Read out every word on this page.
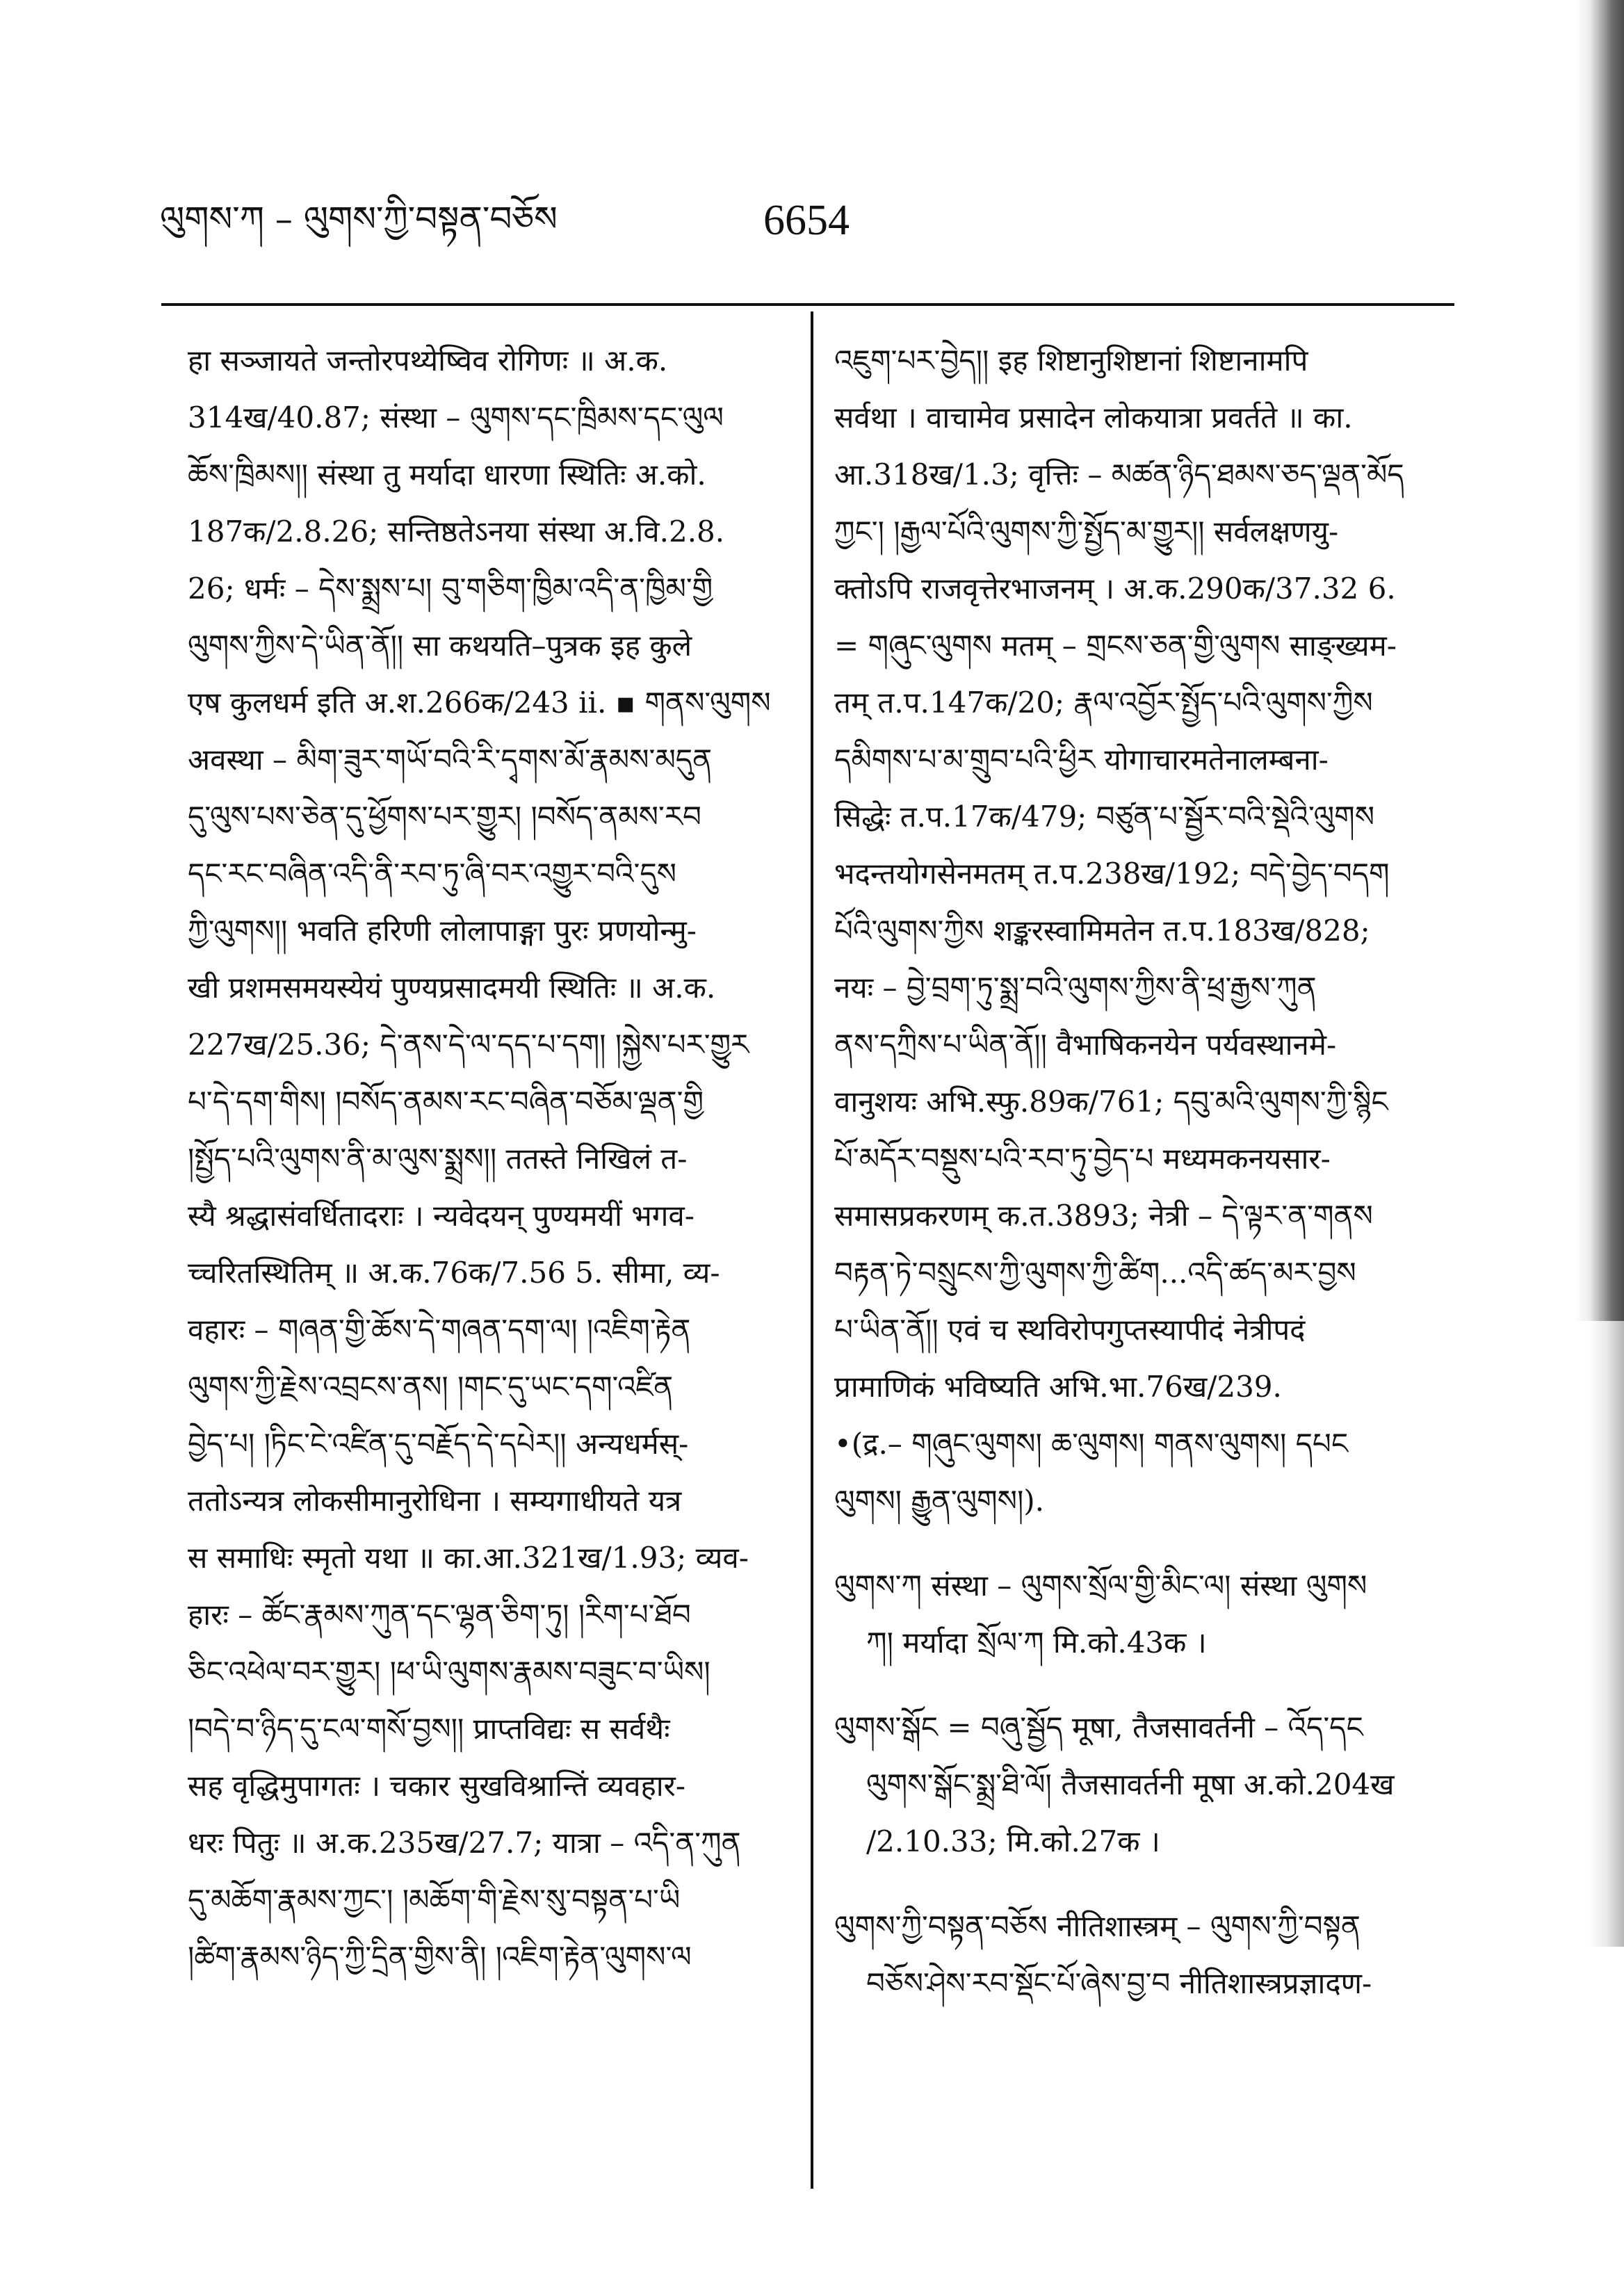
ལུགས་ཀ – ལུགས་ཀྱི་བསྟན་བཅོས	6654
हा सञ्जायते जन्तोरपथ्येष्विव रोगिणः ॥ अ.क.
314ख/40.87; संस्था – ལུགས་དང་ཁྲིམས་དང་ལུལ
ཆོས་ཁྲིམས།། संस्था तु मर्यादा धारणा स्थितिः अ.को.
187क/2.8.26; सन्तिष्ठतेऽनया संस्था अ.वि.2.8.
26; धर्मः – དེས་སྨྲས་པ། བུ་གཅིག་ཁྱིམ་འདི་ན་ཁྱིམ་གྱི
ལུགས་ཀྱིས་དེ་ཡིན་ནོ།། सा कथयति–पुत्रक इह कुले
एष कुलधर्म इति अ.श.266क/243 ii. ▪ གནས་ལུགས
अवस्था – མིག་ཟུར་གཡོ་བའི་རི་དྭགས་མོ་རྣམས་མདུན
དུ་ལུས་པས་ཅེན་དུ་ཕྱོགས་པར་གྱུར། །བསོད་ནམས་རབ
དང་རང་བཞིན་འདི་ནི་རབ་ཏུ་ཞི་བར་འགྱུར་བའི་དུས
ཀྱི་ལུགས།། भवति हरिणी लोलापाङ्गा पुरः प्रणयोन्मु-
खी प्रशमसमयस्येयं पुण्यप्रसादमयी स्थितिः ॥ अ.क.
227ख/25.36; དེ་ནས་དེ་ལ་དད་པ་དག། །སྐྱེས་པར་གྱུར
པ་དེ་དག་གིས། །བསོད་ནམས་རང་བཞིན་བཅོམ་ལྡན་གྱི
།སྤྱོད་པའི་ལུགས་ནི་མ་ལུས་སྨྲས།། ततस्ते निखिलं त-
स्यै श्रद्धासंवर्धितादराः । न्यवेदयन् पुण्यमयीं भगव-
च्चरितस्थितिम् ॥ अ.क.76क/7.56 5. सीमा, व्य-
वहारः – གཞན་གྱི་ཆོས་དེ་གཞན་དག་ལ། །འཇིག་རྟེན
ལུགས་ཀྱི་རྗེས་འབྲངས་ནས། །གང་དུ་ཡང་དག་འཛིན
བྱེད་པ། །ཏིང་ངེ་འཛིན་དུ་བརྗོད་དེ་དཔེར།། अन्यधर्मस्-
ततोऽन्यत्र लोकसीमानुरोधिना । सम्यगाधीयते यत्र
स समाधिः स्मृतो यथा ॥ का.आ.321ख/1.93; व्यव-
हारः – ཚོང་རྣམས་ཀུན་དང་ལྷན་ཅིག་ཏུ། །རིག་པ་ཐོབ
ཅིང་འཕེལ་བར་གྱུར། །ཕ་ཡི་ལུགས་རྣམས་བཟུང་བ་ཡིས།
།བདེ་བ་ཉིད་དུ་ངལ་གསོ་བྱས།། प्राप्तविद्यः स सर्वथैः
सह वृद्धिमुपागतः । चकार सुखविश्रान्तिं व्यवहार-
धरः पितुः ॥ अ.क.235ख/27.7; यात्रा – འདི་ན་ཀུན
དུ་མཆོག་རྣམས་ཀྱང་། །མཆོག་གི་རྗེས་སུ་བསྟན་པ་ཡི
།ཚིག་རྣམས་ཉིད་ཀྱི་དྲིན་གྱིས་ནི། །འཇིག་རྟེན་ལུགས་ལ
འཇུག་པར་བྱེད།། इह शिष्टानुशिष्टानां शिष्टानामपि
सर्वथा । वाचामेव प्रसादेन लोकयात्रा प्रवर्तते ॥ का.
आ.318ख/1.3; वृत्तिः – མཚན་ཉིད་ཐམས་ཅད་ལྡན་མོད
ཀྱང་། །རྒྱལ་པོའི་ལུགས་ཀྱི་སྤྱོད་མ་གྱུར།། सर्वलक्षणयु-
क्तोऽपि राजवृत्तेरभाजनम् । अ.क.290क/37.32 6.
= གཞུང་ལུགས मतम् – གྲངས་ཅན་གྱི་ལུགས साङ्ख्यम-
तम् त.प.147क/20; རྣལ་འབྱོར་སྤྱོད་པའི་ལུགས་ཀྱིས
དམིགས་པ་མ་གྲུབ་པའི་ཕྱིར योगाचारमतेनालम्बना-
सिद्धेः त.प.17क/479; བཙུན་པ་སྦྱོར་བའི་སྡེའི་ལུགས
भदन्तयोगसेनमतम् त.प.238ख/192; བདེ་བྱེད་བདག
པོའི་ལུགས་ཀྱིས शङ्करस्वामिमतेन त.प.183ख/828;
नयः – བྱེ་བྲག་ཏུ་སྨྲ་བའི་ལུགས་ཀྱིས་ནི་ཕྲ་རྒྱས་ཀུན
ནས་དཀྲིས་པ་ཡིན་ནོ།། वैभाषिकनयेन पर्यवस्थानमे-
वानुशयः अभि.स्फु.89क/761; དབུ་མའི་ལུགས་ཀྱི་སྙིང
པོ་མདོར་བསྡུས་པའི་རབ་ཏུ་བྱེད་པ मध्यमकनयसार-
समासप्रकरणम् क.त.3893; नेत्री – དེ་ལྟར་ན་གནས
བརྟན་ཏེ་བསྲུངས་ཀྱི་ལུགས་ཀྱི་ཚིག...འདི་ཚད་མར་བྱས
པ་ཡིན་ནོ།། एवं च स्थविरोपगुप्तस्यापीदं नेत्रीपदं
प्रामाणिकं भविष्यति अभि.भा.76ख/239.
•(द्र.– གཞུང་ལུགས། ཆ་ལུགས། གནས་ལུགས། དཔང
ལུགས། རྒྱུན་ལུགས།).
ལུགས་ཀ संस्था – ལུགས་སྲོལ་གྱི་མིང་ལ། संस्था ལུགས
ཀ། मर्यादा སྲོལ་ཀ मि.को.43क ।
ལུགས་སྒོང = བཞུ་སྦྱོད मूषा, तैजसावर्तनी – འོད་དང
ལུགས་སྒོང་སྨྲ་ཐི་ལོ། तैजसावर्तनी मूषा अ.को.204ख
/2.10.33; मि.को.27क ।
ལུགས་ཀྱི་བསྟན་བཅོས नीतिशास्त्रम् – ལུགས་ཀྱི་བསྟན
བཅོས་ཤེས་རབ་སྡོང་པོ་ཞེས་བྱ་བ नीतिशास्त्रप्रज्ञादण-
